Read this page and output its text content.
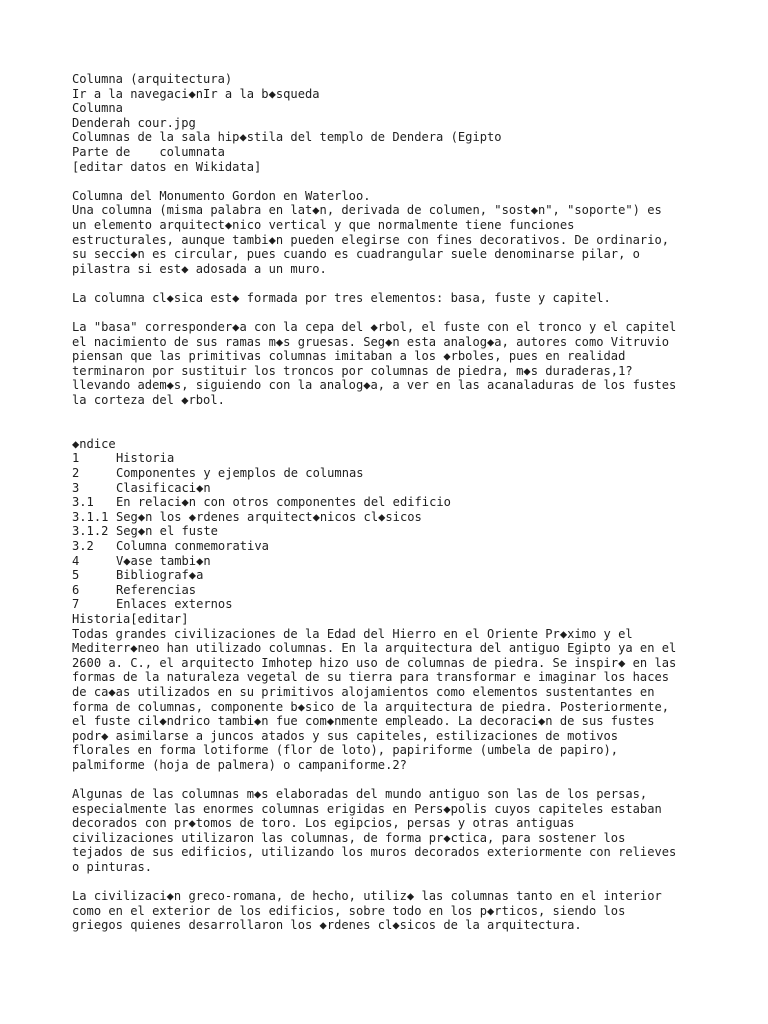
Columna (arquitectura)
Ir a la navegaci◆nIr a la b◆squeda
Columna
Denderah cour.jpg
Columnas de la sala hip◆stila del templo de Dendera (Egipto
Parte de    columnata
[editar datos en Wikidata]
Columna del Monumento Gordon en Waterloo.
Una columna (misma palabra en lat◆n, derivada de columen, "sost◆n", "soporte") es
un elemento arquitect◆nico vertical y que normalmente tiene funciones
estructurales, aunque tambi◆n pueden elegirse con fines decorativos. De ordinario,
su secci◆n es circular, pues cuando es cuadrangular suele denominarse pilar, o
pilastra si est◆ adosada a un muro.
La columna cl◆sica est◆ formada por tres elementos: basa, fuste y capitel.
La "basa" corresponder◆a con la cepa del ◆rbol, el fuste con el tronco y el capitel
el nacimiento de sus ramas m◆s gruesas. Seg◆n esta analog◆a, autores como Vitruvio
piensan que las primitivas columnas imitaban a los ◆rboles, pues en realidad
terminaron por sustituir los troncos por columnas de piedra, m◆s duraderas,1?
llevando adem◆s, siguiendo con la analog◆a, a ver en las acanaladuras de los fustes
la corteza del ◆rbol.
◆ndice
1	Historia
2	Componentes y ejemplos de columnas
3	Clasificaci◆n
3.1	En relaci◆n con otros componentes del edificio
3.1.1 Seg◆n los ◆rdenes arquitect◆nicos cl◆sicos
3.1.2 Seg◆n el fuste
3.2	Columna conmemorativa
4	V◆ase tambi◆n
5	Bibliograf◆a
6	Referencias
7	Enlaces externos
Historia[editar]
Todas grandes civilizaciones de la Edad del Hierro en el Oriente Pr◆ximo y el
Mediterr◆neo han utilizado columnas. En la arquitectura del antiguo Egipto ya en el
2600 a. C., el arquitecto Imhotep hizo uso de columnas de piedra. Se inspir◆ en las
formas de la naturaleza vegetal de su tierra para transformar e imaginar los haces
de ca◆as utilizados en su primitivos alojamientos como elementos sustentantes en
forma de columnas, componente b◆sico de la arquitectura de piedra. Posteriormente,
el fuste cil◆ndrico tambi◆n fue com◆nmente empleado. La decoraci◆n de sus fustes
podr◆ asimilarse a juncos atados y sus capiteles, estilizaciones de motivos
florales en forma lotiforme (flor de loto), papiriforme (umbela de papiro),
palmiforme (hoja de palmera) o campaniforme.2?
Algunas de las columnas m◆s elaboradas del mundo antiguo son las de los persas,
especialmente las enormes columnas erigidas en Pers◆polis cuyos capiteles estaban
decorados con pr◆tomos de toro. Los egipcios, persas y otras antiguas
civilizaciones utilizaron las columnas, de forma pr◆ctica, para sostener los
tejados de sus edificios, utilizando los muros decorados exteriormente con relieves
o pinturas.
La civilizaci◆n greco-romana, de hecho, utiliz◆ las columnas tanto en el interior
como en el exterior de los edificios, sobre todo en los p◆rticos, siendo los
griegos quienes desarrollaron los ◆rdenes cl◆sicos de la arquitectura.
